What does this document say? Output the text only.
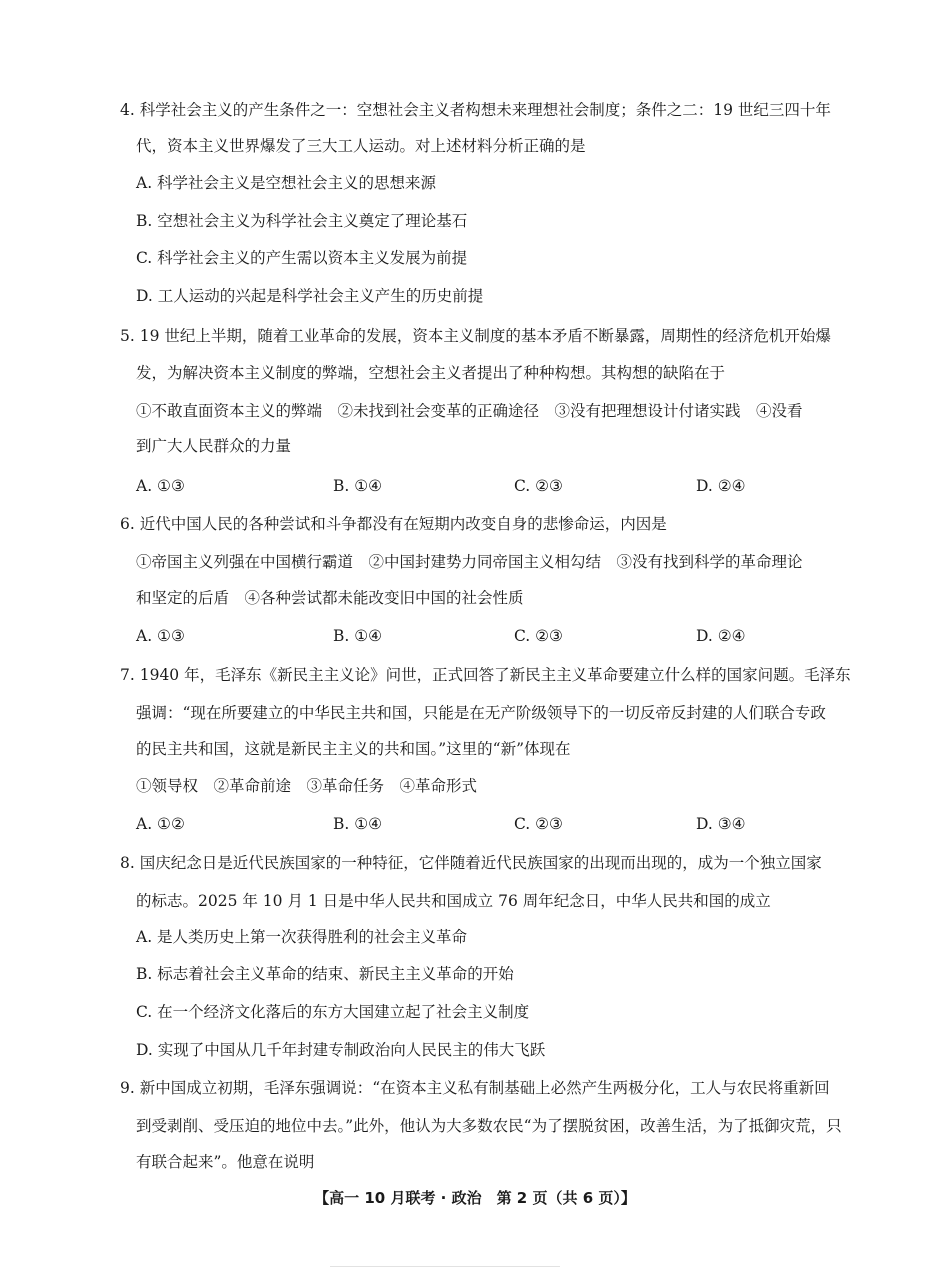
4. 科学社会主义的产生条件之一：空想社会主义者构想未来理想社会制度；条件之二：19 世纪三四十年
代，资本主义世界爆发了三大工人运动。对上述材料分析正确的是
A. 科学社会主义是空想社会主义的思想来源
B. 空想社会主义为科学社会主义奠定了理论基石
C. 科学社会主义的产生需以资本主义发展为前提
D. 工人运动的兴起是科学社会主义产生的历史前提
5. 19 世纪上半期，随着工业革命的发展，资本主义制度的基本矛盾不断暴露，周期性的经济危机开始爆
发，为解决资本主义制度的弊端，空想社会主义者提出了种种构想。其构想的缺陷在于
①不敢直面资本主义的弊端　②未找到社会变革的正确途径　③没有把理想设计付诸实践　④没看
到广大人民群众的力量
A. ①③	B. ①④	C. ②③	D. ②④
6. 近代中国人民的各种尝试和斗争都没有在短期内改变自身的悲惨命运，内因是
①帝国主义列强在中国横行霸道　②中国封建势力同帝国主义相勾结　③没有找到科学的革命理论
和坚定的后盾　④各种尝试都未能改变旧中国的社会性质
A. ①③	B. ①④	C. ②③	D. ②④
7. 1940 年，毛泽东《新民主主义论》问世，正式回答了新民主主义革命要建立什么样的国家问题。毛泽东
强调：“现在所要建立的中华民主共和国，只能是在无产阶级领导下的一切反帝反封建的人们联合专政
的民主共和国，这就是新民主主义的共和国。”这里的“新”体现在
①领导权　②革命前途　③革命任务　④革命形式
A. ①②	B. ①④	C. ②③	D. ③④
8. 国庆纪念日是近代民族国家的一种特征，它伴随着近代民族国家的出现而出现的，成为一个独立国家
的标志。2025 年 10 月 1 日是中华人民共和国成立 76 周年纪念日，中华人民共和国的成立
A. 是人类历史上第一次获得胜利的社会主义革命
B. 标志着社会主义革命的结束、新民主主义革命的开始
C. 在一个经济文化落后的东方大国建立起了社会主义制度
D. 实现了中国从几千年封建专制政治向人民民主的伟大飞跃
9. 新中国成立初期，毛泽东强调说：“在资本主义私有制基础上必然产生两极分化，工人与农民将重新回
到受剥削、受压迫的地位中去。”此外，他认为大多数农民“为了摆脱贫困，改善生活，为了抵御灾荒，只
有联合起来”。他意在说明
【高一 10 月联考 · 政治　第 2 页（共 6 页）】
